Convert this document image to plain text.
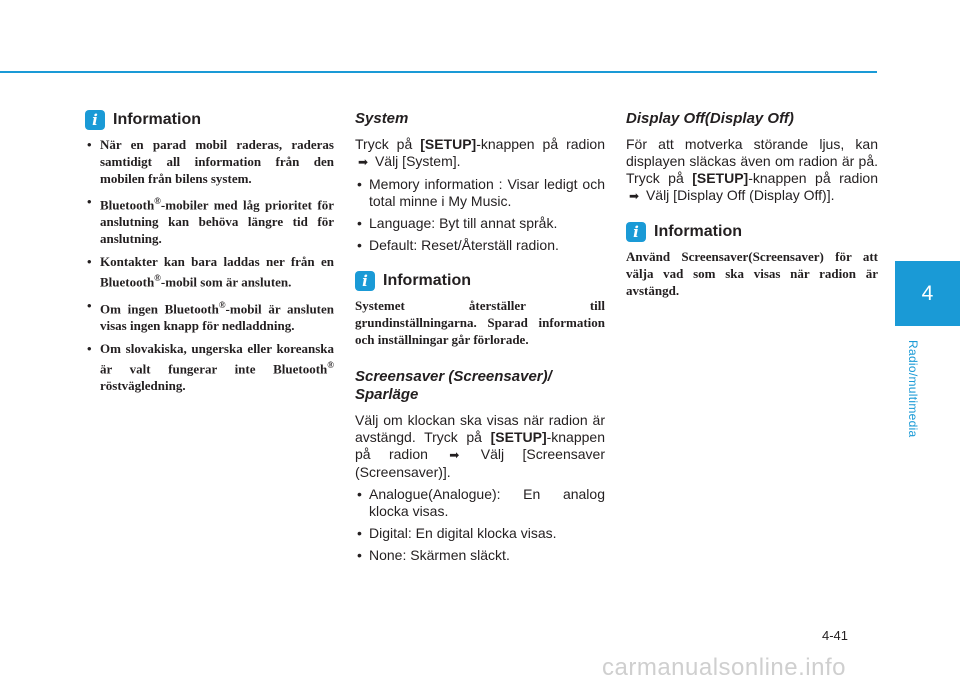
i Information
• När en parad mobil raderas, raderas samtidigt all information från den mobilen från bilens system.
• Bluetooth®-mobiler med låg prioritet för anslutning kan behöva längre tid för anslutning.
• Kontakter kan bara laddas ner från en Bluetooth®-mobil som är ansluten.
• Om ingen Bluetooth®-mobil är ansluten visas ingen knapp för nedladdning.
• Om slovakiska, ungerska eller koreanska är valt fungerar inte Bluetooth® röstvägledning.
System

Tryck på [SETUP]-knappen på radion ➡ Välj [System].

• Memory information : Visar ledigt och total minne i My Music.
• Language: Byt till annat språk.
• Default: Reset/Återställ radion.
i Information

Systemet återställer till grundinställningarna. Sparad information och inställningar går förlorade.

Screensaver (Screensaver)/
Sparläge

Välj om klockan ska visas när radion är avstängd. Tryck på [SETUP]-knappen på radion ➡ Välj [Screensaver (Screensaver)].

• Analogue(Analogue): En analog klocka visas.
• Digital: En digital klocka visas.
• None: Skärmen släckt.
Display Off(Display Off)

För att motverka störande ljus, kan displayen släckas även om radion är på. Tryck på [SETUP]-knappen på radion ➡ Välj [Display Off (Display Off)].

i Information

Använd Screensaver(Screensaver) för att välja vad som ska visas när radion är avstängd.	4
Radio/multimedia
4-41
carmanualsonline.info
